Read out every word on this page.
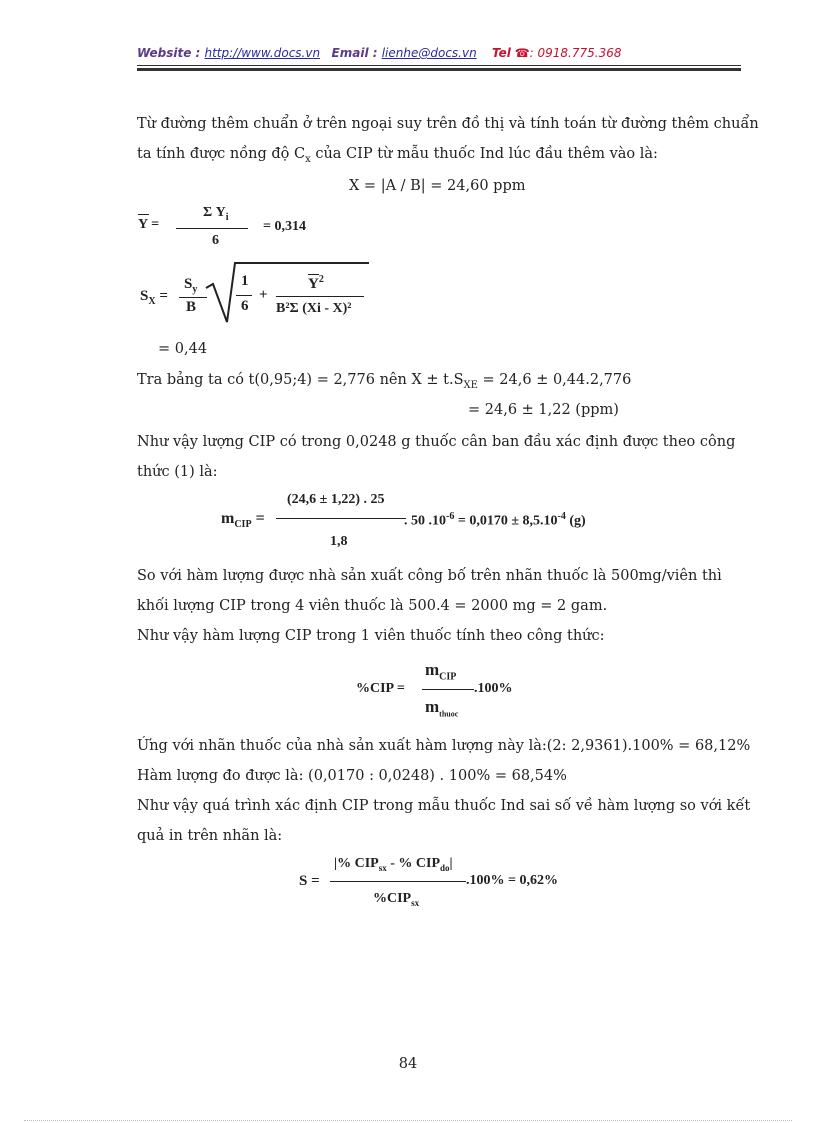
Website : http://www.docs.vn Email : lienhe@docs.vn Tel ☎: 0918.775.368
Từ đường thêm chuẩn ở trên ngoại suy trên đồ thị và tính toán từ đường thêm chuẩn
ta tính được nồng độ $C_x$ của CIP từ mẫu thuốc Ind lúc đầu thêm vào là:
X = |A / B| = 24,60 ppm
Y =
Σ $Y_i$
6
= 0,314
$S_X$ =
$S_y$
B
1
6
+
$Y^2$
B²Σ (Xi - X)²
= 0,44
Tra bảng ta có t(0,95;4) = 2,776 nên $X \pm t.S_{XE} = 24,6 \pm 0,44.2,776$
= 24,6 ± 1,22 (ppm)
Như vậy lượng CIP có trong 0,0248 g thuốc cân ban đầu xác định được theo công
thức (1) là:
$m_{CIP}$ =
(24,6 ± 1,22) . 25
1,8
. 50 $.10^{-6} = 0,0170 \pm 8,5.10^{-4}$ (g)
So với hàm lượng được nhà sản xuất công bố trên nhãn thuốc là 500mg/viên thì
khối lượng CIP trong 4 viên thuốc là 500.4 = 2000 mg = 2 gam.
Như vậy hàm lượng CIP trong 1 viên thuốc tính theo công thức:
%CIP =
$m_{CIP}$
$m_{thuoc}$
.100%
Ứng với nhãn thuốc của nhà sản xuất hàm lượng này là:(2: 2,9361).100% = 68,12%
Hàm lượng đo được là: (0,0170 : 0,0248) . 100% = 68,54%
Như vậy quá trình xác định CIP trong mẫu thuốc Ind sai số về hàm lượng so với kết
quả in trên nhãn là:
S =
|% $CIP_{sx}$ - % $CIP_{do}|$
$\%CIP_{sx}$
.100% = 0,62%
84
